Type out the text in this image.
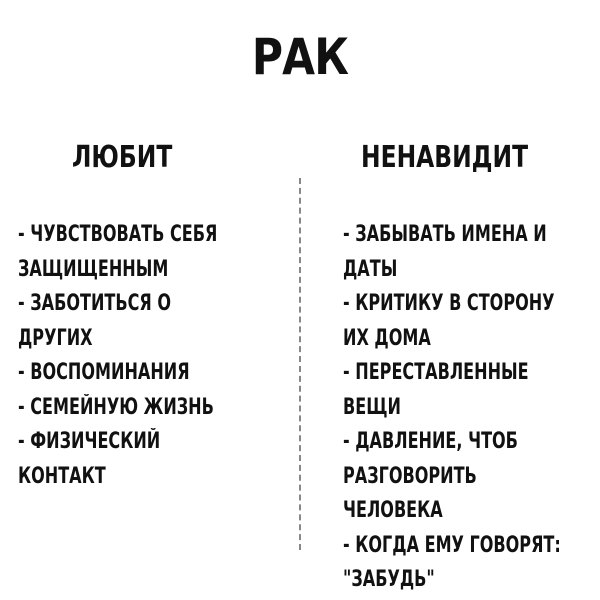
РАК
ЛЮБИТ	НЕНАВИДИТ
- ЧУВСТВОВАТЬ СЕБЯ
ЗАЩИЩЕННЫМ
- ЗАБОТИТЬСЯ О
ДРУГИХ
- ВОСПОМИНАНИЯ
- СЕМЕЙНУЮ ЖИЗНЬ
- ФИЗИЧЕСКИЙ
КОНТАКТ
- ЗАБЫВАТЬ ИМЕНА И
ДАТЫ
- КРИТИКУ В СТОРОНУ
ИХ ДОМА
- ПЕРЕСТАВЛЕННЫЕ
ВЕЩИ
- ДАВЛЕНИЕ, ЧТОБ
РАЗГОВОРИТЬ
ЧЕЛОВЕКА
- КОГДА ЕМУ ГОВОРЯТ:
"ЗАБУДЬ"
